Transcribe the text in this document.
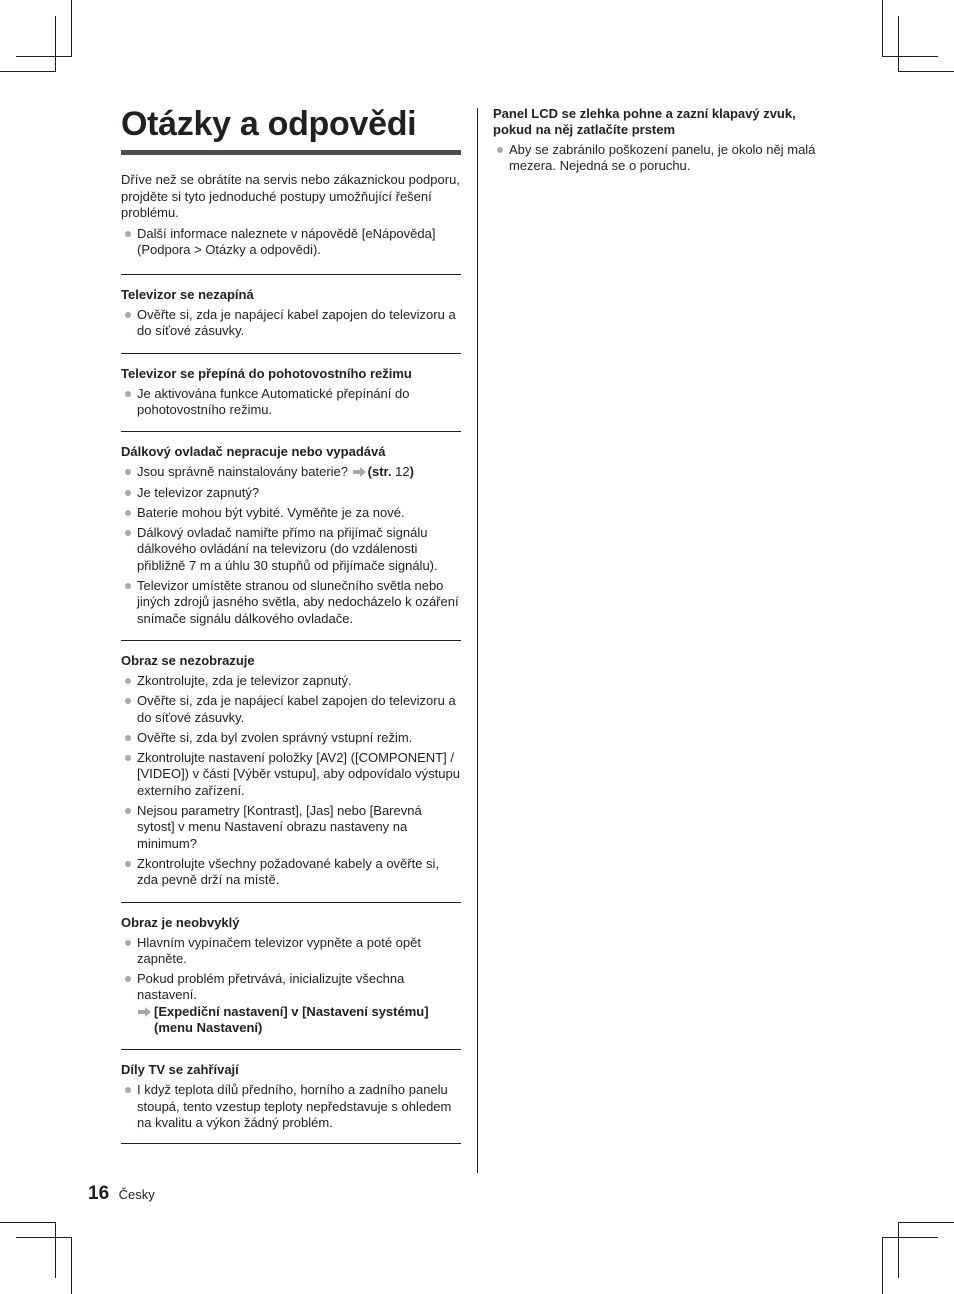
Otázky a odpovědi

Dříve než se obrátíte na servis nebo zákaznickou podporu, projděte si tyto jednoduché postupy umožňující řešení problému.

Další informace naleznete v nápovědě [eNápověda] (Podpora > Otázky a odpovědi).
Televizor se nezapíná
Ověřte si, zda je napájecí kabel zapojen do televizoru a do síťové zásuvky.
Televizor se přepíná do pohotovostního režimu
Je aktivována funkce Automatické přepínání do pohotovostního režimu.
Dálkový ovladač nepracuje nebo vypadává
Jsou správně nainstalovány baterie? (str. 12)
Je televizor zapnutý?
Baterie mohou být vybité. Vyměňte je za nové.
Dálkový ovladač namiřte přímo na přijímač signálu dálkového ovládání na televizoru (do vzdálenosti přibližně 7 m a úhlu 30 stupňů od přijímače signálu).
Televizor umístěte stranou od slunečního světla nebo jiných zdrojů jasného světla, aby nedocházelo k ozáření snímače signálu dálkového ovladače.
Obraz se nezobrazuje
Zkontrolujte, zda je televizor zapnutý.
Ověřte si, zda je napájecí kabel zapojen do televizoru a do síťové zásuvky.
Ověřte si, zda byl zvolen správný vstupní režim.
Zkontrolujte nastavení položky [AV2] ([COMPONENT] / [VIDEO]) v části [Výběr vstupu], aby odpovídalo výstupu externího zařízení.
Nejsou parametry [Kontrast], [Jas] nebo [Barevná sytost] v menu Nastavení obrazu nastaveny na minimum?
Zkontrolujte všechny požadované kabely a ověřte si, zda pevně drží na místě.
Obraz je neobvyklý
Hlavním vypínačem televizor vypněte a poté opět zapněte.
Pokud problém přetrvává, inicializujte všechna nastavení.
[Expediční nastavení] v [Nastavení systému] (menu Nastavení)
Díly TV se zahřívají
I když teplota dílů předního, horního a zadního panelu stoupá, tento vzestup teploty nepředstavuje s ohledem na kvalitu a výkon žádný problém.
Panel LCD se zlehka pohne a zazní klapavý zvuk, pokud na něj zatlačíte prstem
Aby se zabránilo poškození panelu, je okolo něj malá mezera. Nejedná se o poruchu.
16 Česky
